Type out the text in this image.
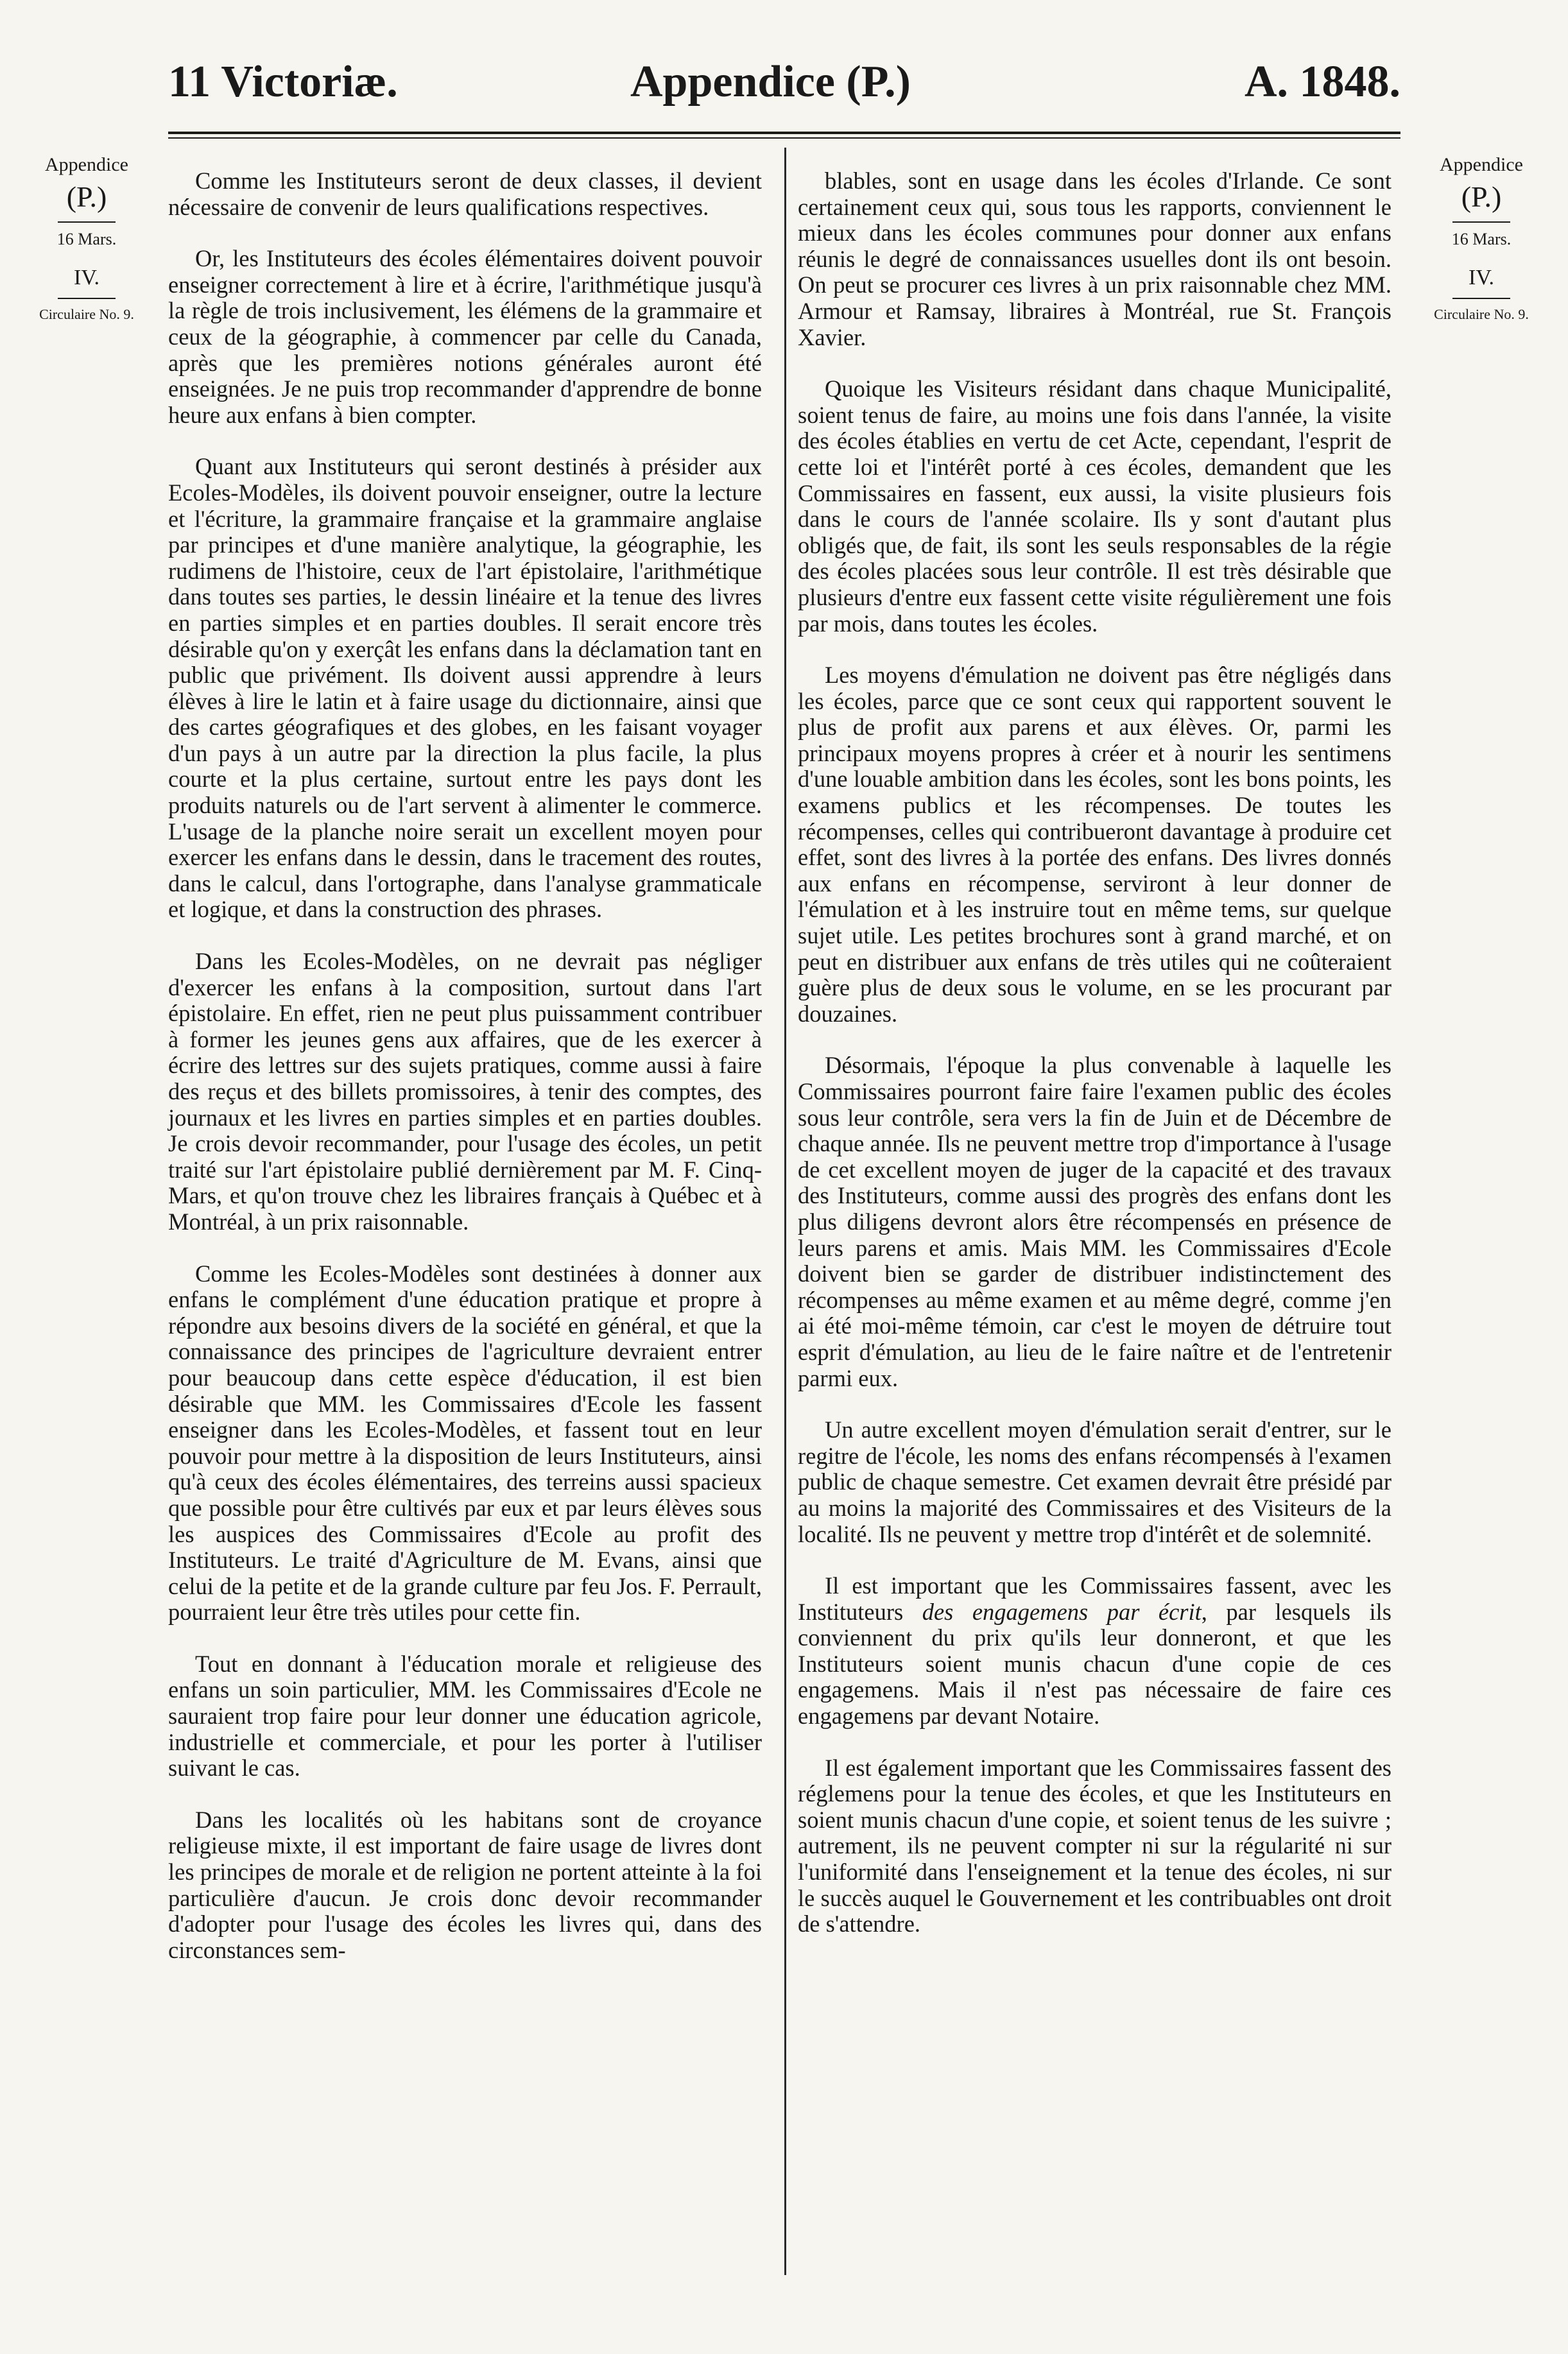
11 Victoriæ.	Appendice (P.)	A. 1848.
Appendice
(P.)
16 Mars.
IV.
Circulaire No. 9.
Appendice
(P.)
16 Mars.
IV.
Circulaire No. 9.

Comme les Instituteurs seront de deux classes, il devient nécessaire de convenir de leurs qualifications respectives.

Or, les Instituteurs des écoles élémentaires doivent pouvoir enseigner correctement à lire et à écrire, l'arithmétique jusqu'à la règle de trois inclusivement, les élémens de la grammaire et ceux de la géographie, à commencer par celle du Canada, après que les premières notions générales auront été enseignées. Je ne puis trop recommander d'apprendre de bonne heure aux enfans à bien compter.

Quant aux Instituteurs qui seront destinés à présider aux Ecoles-Modèles, ils doivent pouvoir enseigner, outre la lecture et l'écriture, la grammaire française et la grammaire anglaise par principes et d'une manière analytique, la géographie, les rudimens de l'histoire, ceux de l'art épistolaire, l'arithmétique dans toutes ses parties, le dessin linéaire et la tenue des livres en parties simples et en parties doubles. Il serait encore très désirable qu'on y exerçât les enfans dans la déclamation tant en public que privément. Ils doivent aussi apprendre à leurs élèves à lire le latin et à faire usage du dictionnaire, ainsi que des cartes géografiques et des globes, en les faisant voyager d'un pays à un autre par la direction la plus facile, la plus courte et la plus certaine, surtout entre les pays dont les produits naturels ou de l'art servent à alimenter le commerce. L'usage de la planche noire serait un excellent moyen pour exercer les enfans dans le dessin, dans le tracement des routes, dans le calcul, dans l'ortographe, dans l'analyse grammaticale et logique, et dans la construction des phrases.

Dans les Ecoles-Modèles, on ne devrait pas négliger d'exercer les enfans à la composition, surtout dans l'art épistolaire. En effet, rien ne peut plus puissamment contribuer à former les jeunes gens aux affaires, que de les exercer à écrire des lettres sur des sujets pratiques, comme aussi à faire des reçus et des billets promissoires, à tenir des comptes, des journaux et les livres en parties simples et en parties doubles. Je crois devoir recommander, pour l'usage des écoles, un petit traité sur l'art épistolaire publié dernièrement par M. F. Cinq-Mars, et qu'on trouve chez les libraires français à Québec et à Montréal, à un prix raisonnable.

Comme les Ecoles-Modèles sont destinées à donner aux enfans le complément d'une éducation pratique et propre à répondre aux besoins divers de la société en général, et que la connaissance des principes de l'agriculture devraient entrer pour beaucoup dans cette espèce d'éducation, il est bien désirable que MM. les Commissaires d'Ecole les fassent enseigner dans les Ecoles-Modèles, et fassent tout en leur pouvoir pour mettre à la disposition de leurs Instituteurs, ainsi qu'à ceux des écoles élémentaires, des terreins aussi spacieux que possible pour être cultivés par eux et par leurs élèves sous les auspices des Commissaires d'Ecole au profit des Instituteurs. Le traité d'Agriculture de M. Evans, ainsi que celui de la petite et de la grande culture par feu Jos. F. Perrault, pourraient leur être très utiles pour cette fin.

Tout en donnant à l'éducation morale et religieuse des enfans un soin particulier, MM. les Commissaires d'Ecole ne sauraient trop faire pour leur donner une éducation agricole, industrielle et commerciale, et pour les porter à l'utiliser suivant le cas.

Dans les localités où les habitans sont de croyance religieuse mixte, il est important de faire usage de livres dont les principes de morale et de religion ne portent atteinte à la foi particulière d'aucun. Je crois donc devoir recommander d'adopter pour l'usage des écoles les livres qui, dans des circonstances sem-

blables, sont en usage dans les écoles d'Irlande. Ce sont certainement ceux qui, sous tous les rapports, conviennent le mieux dans les écoles communes pour donner aux enfans réunis le degré de connaissances usuelles dont ils ont besoin. On peut se procurer ces livres à un prix raisonnable chez MM. Armour et Ramsay, libraires à Montréal, rue St. François Xavier.

Quoique les Visiteurs résidant dans chaque Municipalité, soient tenus de faire, au moins une fois dans l'année, la visite des écoles établies en vertu de cet Acte, cependant, l'esprit de cette loi et l'intérêt porté à ces écoles, demandent que les Commissaires en fassent, eux aussi, la visite plusieurs fois dans le cours de l'année scolaire. Ils y sont d'autant plus obligés que, de fait, ils sont les seuls responsables de la régie des écoles placées sous leur contrôle. Il est très désirable que plusieurs d'entre eux fassent cette visite régulièrement une fois par mois, dans toutes les écoles.

Les moyens d'émulation ne doivent pas être négligés dans les écoles, parce que ce sont ceux qui rapportent souvent le plus de profit aux parens et aux élèves. Or, parmi les principaux moyens propres à créer et à nourir les sentimens d'une louable ambition dans les écoles, sont les bons points, les examens publics et les récompenses. De toutes les récompenses, celles qui contribueront davantage à produire cet effet, sont des livres à la portée des enfans. Des livres donnés aux enfans en récompense, serviront à leur donner de l'émulation et à les instruire tout en même tems, sur quelque sujet utile. Les petites brochures sont à grand marché, et on peut en distribuer aux enfans de très utiles qui ne coûteraient guère plus de deux sous le volume, en se les procurant par douzaines.

Désormais, l'époque la plus convenable à laquelle les Commissaires pourront faire faire l'examen public des écoles sous leur contrôle, sera vers la fin de Juin et de Décembre de chaque année. Ils ne peuvent mettre trop d'importance à l'usage de cet excellent moyen de juger de la capacité et des travaux des Instituteurs, comme aussi des progrès des enfans dont les plus diligens devront alors être récompensés en présence de leurs parens et amis. Mais MM. les Commissaires d'Ecole doivent bien se garder de distribuer indistinctement des récompenses au même examen et au même degré, comme j'en ai été moi-même témoin, car c'est le moyen de détruire tout esprit d'émulation, au lieu de le faire naître et de l'entretenir parmi eux.

Un autre excellent moyen d'émulation serait d'entrer, sur le regitre de l'école, les noms des enfans récompensés à l'examen public de chaque semestre. Cet examen devrait être présidé par au moins la majorité des Commissaires et des Visiteurs de la localité. Ils ne peuvent y mettre trop d'intérêt et de solemnité.

Il est important que les Commissaires fassent, avec les Instituteurs des engagemens par écrit, par lesquels ils conviennent du prix qu'ils leur donneront, et que les Instituteurs soient munis chacun d'une copie de ces engagemens. Mais il n'est pas nécessaire de faire ces engagemens par devant Notaire.

Il est également important que les Commissaires fassent des réglemens pour la tenue des écoles, et que les Instituteurs en soient munis chacun d'une copie, et soient tenus de les suivre ; autrement, ils ne peuvent compter ni sur la régularité ni sur l'uniformité dans l'enseignement et la tenue des écoles, ni sur le succès auquel le Gouvernement et les contribuables ont droit de s'attendre.
